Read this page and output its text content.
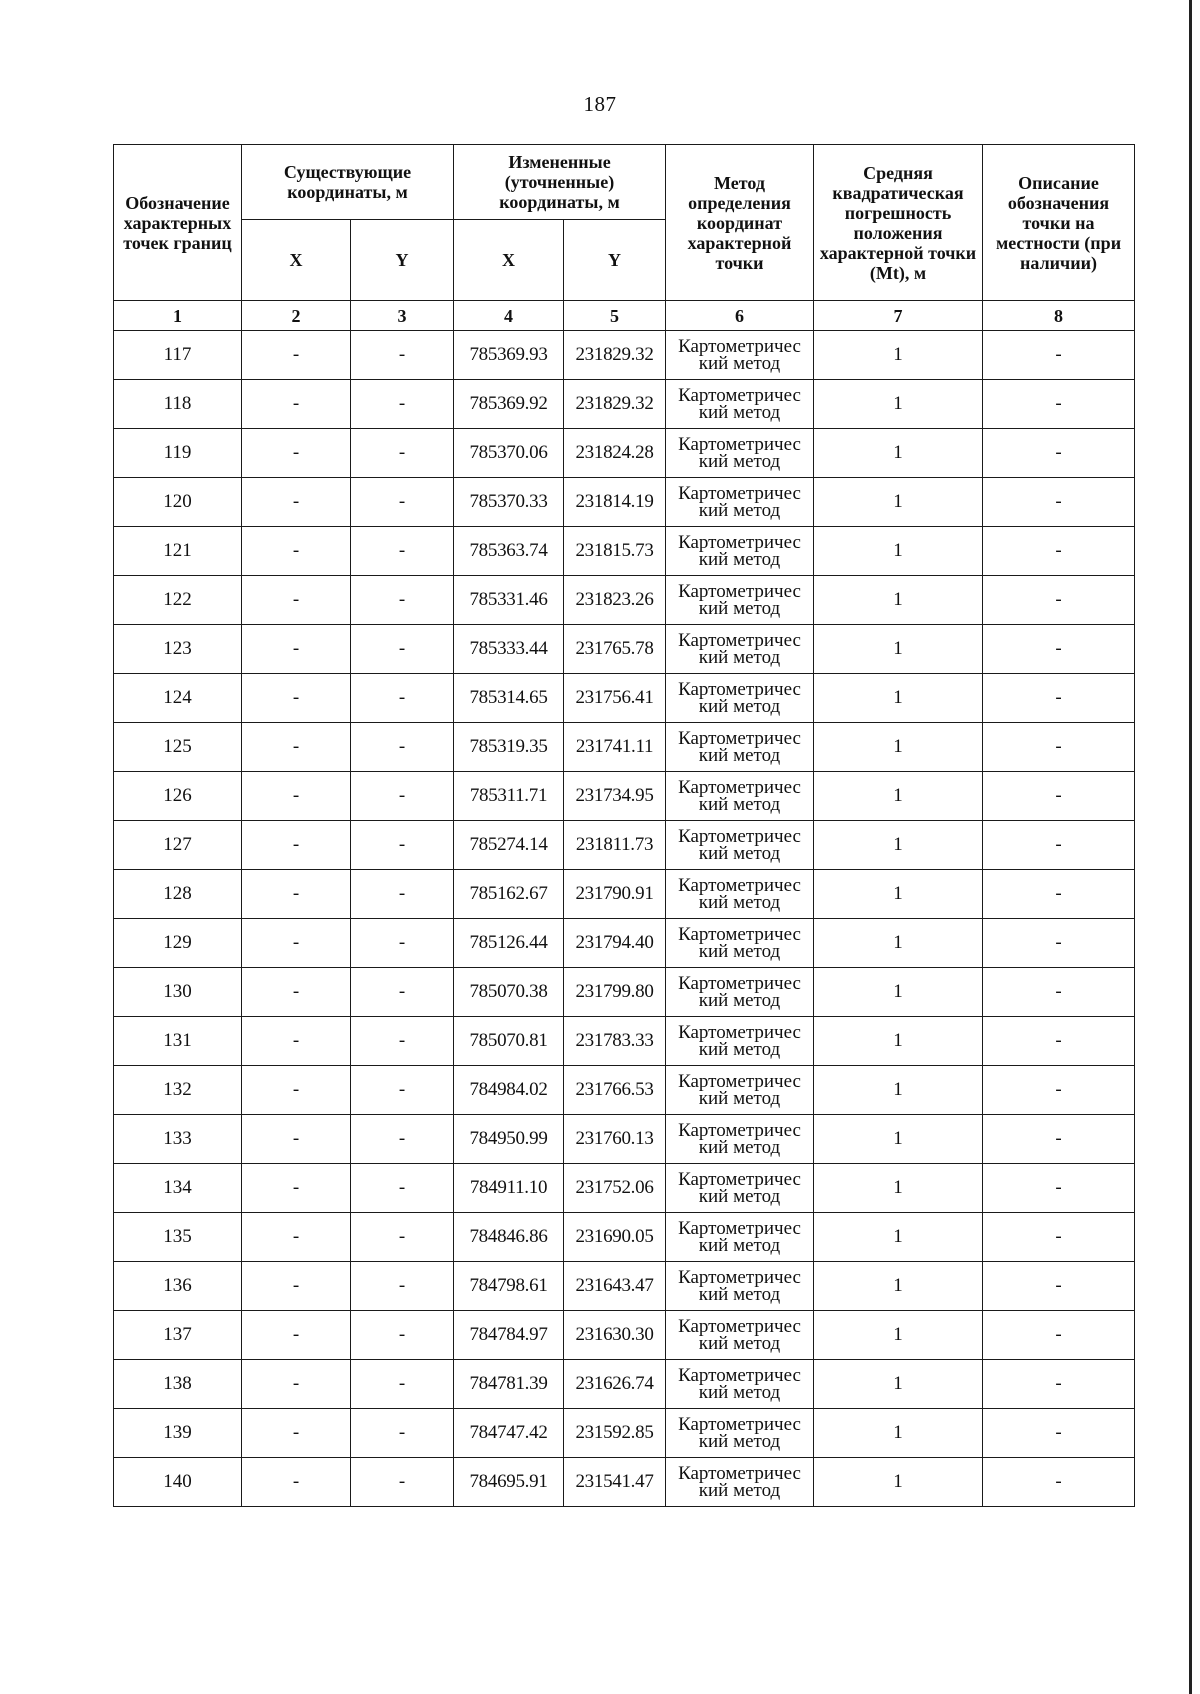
187
Обозначение характерных точек границ	Существующие координаты, м		Измененные (уточненные) координаты, м		Метод определения координат характерной точки	Средняя квадратическая погрешность положения характерной точки (Mt), м	Описание обозначения точки на местности (при наличии)
	X	Y	X	Y			
1	2	3	4	5	6	7	8
117	-	-	785369.93	231829.32	Картометричес кий метод	1	-
118	-	-	785369.92	231829.32	Картометричес кий метод	1	-
119	-	-	785370.06	231824.28	Картометричес кий метод	1	-
120	-	-	785370.33	231814.19	Картометричес кий метод	1	-
121	-	-	785363.74	231815.73	Картометричес кий метод	1	-
122	-	-	785331.46	231823.26	Картометричес кий метод	1	-
123	-	-	785333.44	231765.78	Картометричес кий метод	1	-
124	-	-	785314.65	231756.41	Картометричес кий метод	1	-
125	-	-	785319.35	231741.11	Картометричес кий метод	1	-
126	-	-	785311.71	231734.95	Картометричес кий метод	1	-
127	-	-	785274.14	231811.73	Картометричес кий метод	1	-
128	-	-	785162.67	231790.91	Картометричес кий метод	1	-
129	-	-	785126.44	231794.40	Картометричес кий метод	1	-
130	-	-	785070.38	231799.80	Картометричес кий метод	1	-
131	-	-	785070.81	231783.33	Картометричес кий метод	1	-
132	-	-	784984.02	231766.53	Картометричес кий метод	1	-
133	-	-	784950.99	231760.13	Картометричес кий метод	1	-
134	-	-	784911.10	231752.06	Картометричес кий метод	1	-
135	-	-	784846.86	231690.05	Картометричес кий метод	1	-
136	-	-	784798.61	231643.47	Картометричес кий метод	1	-
137	-	-	784784.97	231630.30	Картометричес кий метод	1	-
138	-	-	784781.39	231626.74	Картометричес кий метод	1	-
139	-	-	784747.42	231592.85	Картометричес кий метод	1	-
140	-	-	784695.91	231541.47	Картометричес кий метод	1	-
